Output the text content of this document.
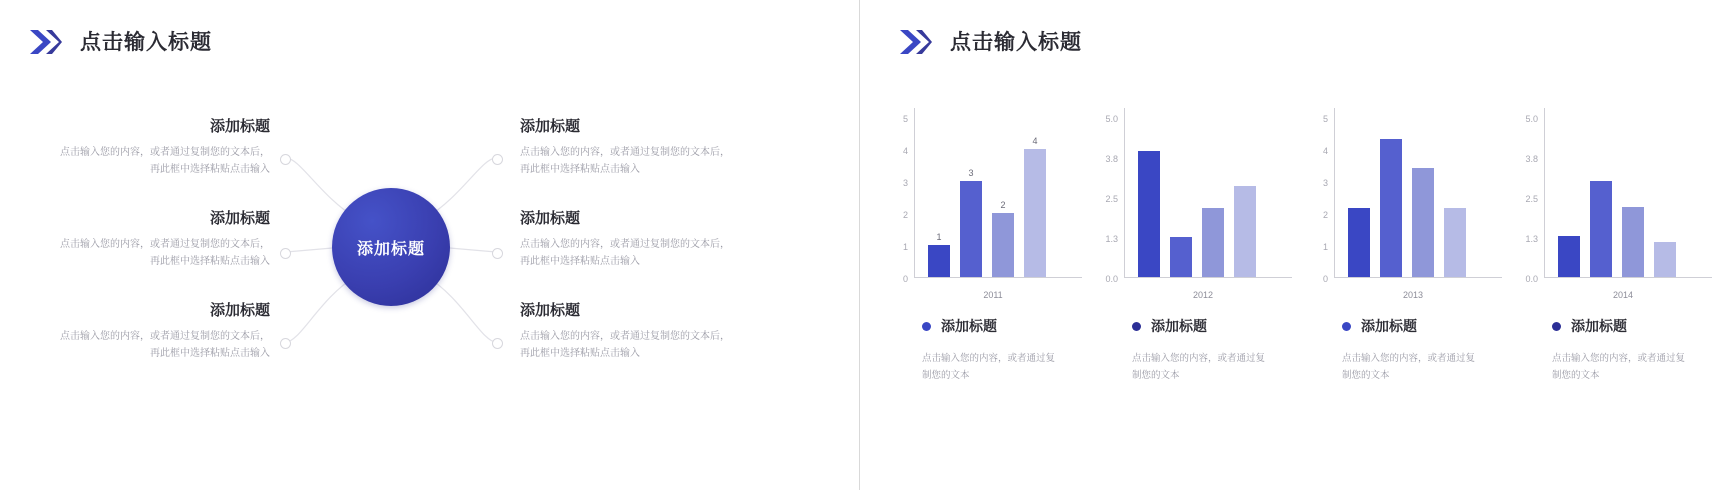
点击输入标题
添加标题
添加标题
点击输入您的内容，或者通过复制您的文本后，再此框中选择粘贴点击输入
添加标题
点击输入您的内容，或者通过复制您的文本后，再此框中选择粘贴点击输入
添加标题
点击输入您的内容，或者通过复制您的文本后，再此框中选择粘贴点击输入
添加标题
点击输入您的内容，或者通过复制您的文本后，再此框中选择粘贴点击输入
添加标题
点击输入您的内容，或者通过复制您的文本后，再此框中选择粘贴点击输入
添加标题
点击输入您的内容，或者通过复制您的文本后，再此框中选择粘贴点击输入
点击输入标题
5
4
3
2
1
0
1
3
2
4
2011
添加标题
点击输入您的内容，或者通过复制您的文本
5.0
3.8
2.5
1.3
0.0
2012
添加标题
点击输入您的内容，或者通过复制您的文本
5
4
3
2
1
0
2013
添加标题
点击输入您的内容，或者通过复制您的文本
5.0
3.8
2.5
1.3
0.0
2014
添加标题
点击输入您的内容，或者通过复制您的文本
